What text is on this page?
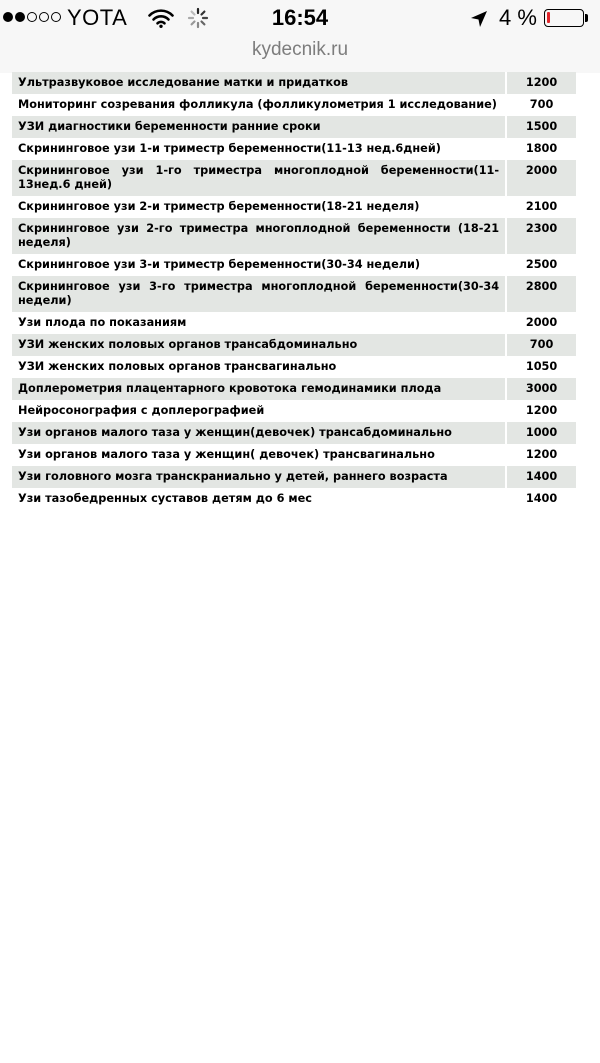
YOTA	16:54	4 %
kydecnik.ru
Ультразвуковое исследование матки и придатков	1200
Мониторинг созревания фолликула (фолликулометрия 1 исследование)	700
УЗИ диагностики беременности ранние сроки	1500
Скрининговое узи 1-и триместр беременности(11-13 нед.6дней)	1800
Скрининговое узи 1-го триместра многоплодной беременности(11-13нед.6 дней)	2000
Скрининговое узи 2-и триместр беременности(18-21 неделя)	2100
Скрининговое узи 2-го триместра многоплодной беременности (18-21 неделя)	2300
Скрининговое узи 3-и триместр беременности(30-34 недели)	2500
Скрининговое узи 3-го триместра многоплодной беременности(30-34 недели)	2800
Узи плода по показаниям	2000
УЗИ женских половых органов трансабдоминально	700
УЗИ женских половых органов трансвагинально	1050
Доплерометрия плацентарного кровотока гемодинамики плода	3000
Нейросонография с доплерографией	1200
Узи органов малого таза у женщин(девочек) трансабдоминально	1000
Узи органов малого таза у женщин( девочек) трансвагинально	1200
Узи головного мозга транскраниально у детей, раннего возраста	1400
Узи тазобедренных суставов детям до 6 мес	1400
